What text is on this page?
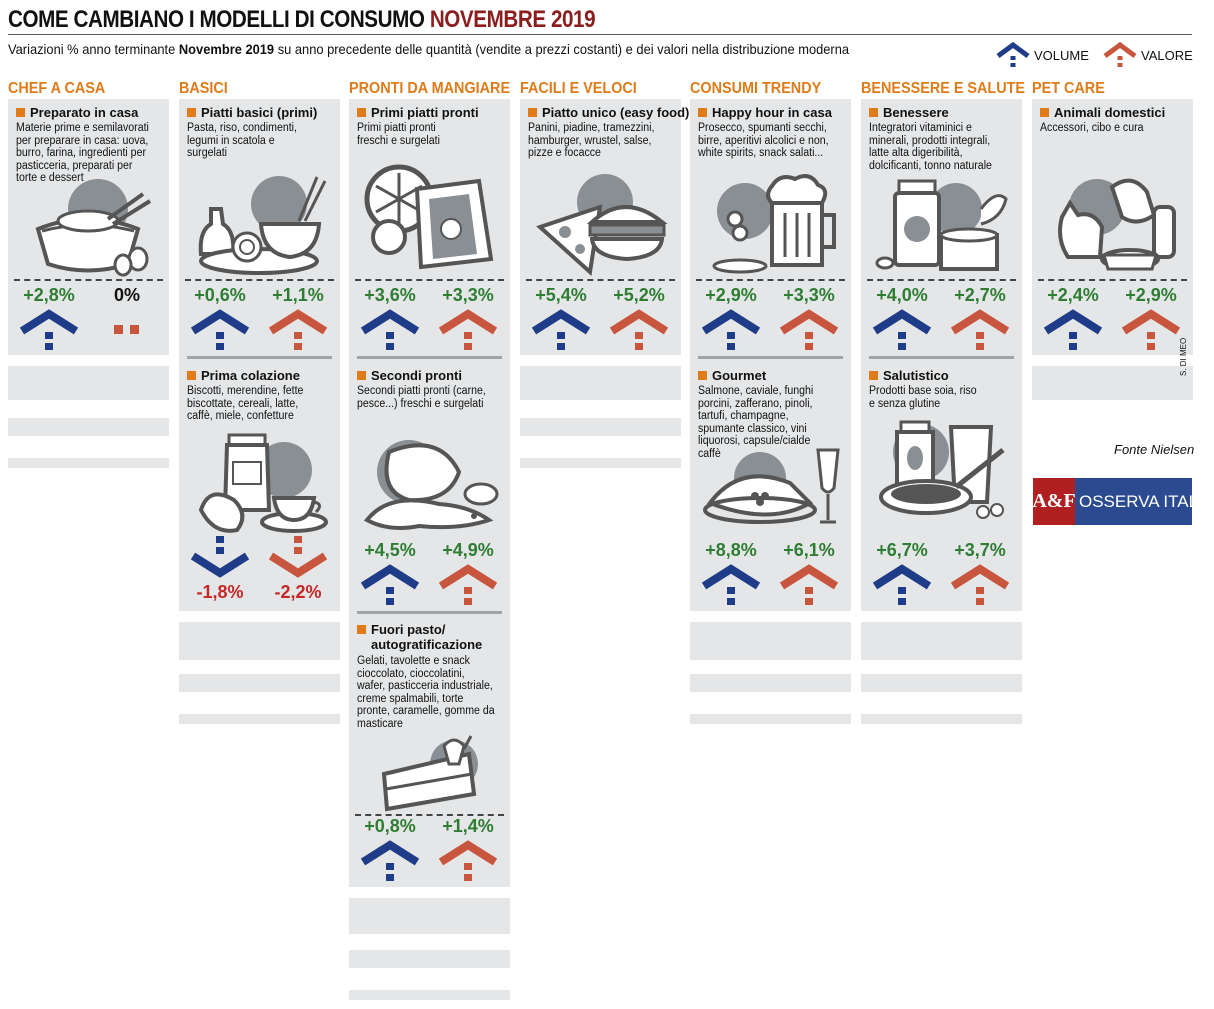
COME CAMBIANO I MODELLI DI CONSUMO NOVEMBRE 2019
Variazioni % anno terminante Novembre 2019 su anno precedente delle quantità (vendite a prezzi costanti) e dei valori nella distribuzione moderna	VOLUME	VALORE
CHEF A CASA	BASICI	PRONTI DA MANGIARE FACILI E VELOCI	CONSUMI TRENDY BENESSERE E SALUTE PET CARE
Preparato in casa
Materie prime e semilavorati per preparare in casa: uova, burro, farina, ingredienti per pasticceria, preparati per torte e dessert
+2,8%	0%
Piatti basici (primi)
Pasta, riso, condimenti, legumi in scatola e surgelati
+0,6%	+1,1%
Prima colazione
Biscotti, merendine, fette biscottate, cereali, latte, caffè, miele, confetture
-1,8%	-2,2%
Primi piatti pronti
Primi piatti pronti freschi e surgelati
+3,6%	+3,3%
Secondi pronti
Secondi piatti pronti (carne, pesce...) freschi e surgelati
+4,5%	+4,9%
Fuori pasto/
autogratificazione
Gelati, tavolette e snack cioccolato, cioccolatini, wafer, pasticceria industriale, creme spalmabili, torte pronte, caramelle, gomme da masticare
+0,8%	+1,4%
Piatto unico (easy food)
Panini, piadine, tramezzini, hamburger, wrustel, salse, pizze e focacce
+5,4%	+5,2%
Happy hour in casa
Prosecco, spumanti secchi, birre, aperitivi alcolici e non, white spirits, snack salati...
+2,9%	+3,3%
Gourmet
Salmone, caviale, funghi porcini, zafferano, pinoli, tartufi, champagne, spumante classico, vini liquorosi, capsule/cialde caffè
+8,8%	+6,1%
Benessere
Integratori vitaminici e minerali, prodotti integrali, latte alta digeribilità, dolcificanti, tonno naturale
+4,0%	+2,7%
Salutistico
Prodotti base soia, riso e senza glutine
+6,7%	+3,7%
Animali domestici
Accessori, cibo e cura
+2,4%	+2,9%
S. DI MEO
Fonte Nielsen
A&F OSSERVA ITALIA
